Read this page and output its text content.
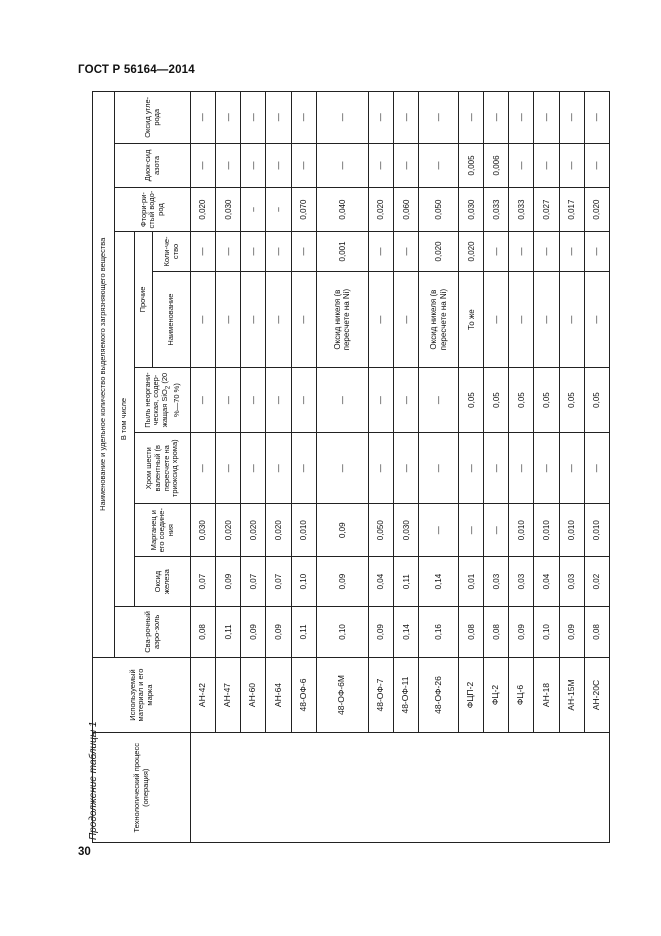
ГОСТ Р 56164—2014
30
Продолжение таблицы 1	Технологический процесс (операция)	Используемый материал и его марка	Наименование и удельное количество выделяемого загрязняющего вещества									
		Сва-рочный аэро-золь	В том числе						Фтори-ри-стый водо-род	Диок-сид азота	Оксид угле-рода
			Оксид железа	Марганец и его соедине-ния	Хром шести валентный (в пересчете на триоксид хрома)	Пыль неоргани-ческая, содер-жащая SiO$_2$ (20 %—70 %)	Прочие				
							Наименование	Коли-че-ство			
	АН-42	0,08	0,07	0,030	—	—	—	—	0,020	—	—
	АН-47	0,11	0,09	0,020	—	—	—	—	0,030	—	—
	АН-60	0,09	0,07	0,020	—	—	—	—	–	—	—
	АН-64	0,09	0,07	0,020	—	—	—	—	–	—	—
	48-ОФ-6	0,11	0,10	0,010	—	—	—	—	0,070	—	—
	48-ОФ-6М	0,10	0,09	0,09	—	—	Оксид никеля (в пересчете на Ni)	0,001	0,040	—	—
	48-ОФ-7	0,09	0,04	0,050	—	—	—	—	0,020	—	—
	48-ОФ-11	0,14	0,11	0,030	—	—	—	—	0,060	—	—
	48-ОФ-26	0,16	0,14	—	—	—	Оксид никеля (в пересчете на Ni)	0,020	0,050	—	—
	ФЦП-2	0,08	0,01	—	—	0,05	То же	0,020	0,030	0,005	—
	ФЦ-2	0,08	0,03	—	—	0,05	—	—	0,033	0,006	—
	ФЦ-6	0,09	0,03	0,010	—	0,05	—	—	0,033	—	—
	АН-18	0,10	0,04	0,010	—	0,05	—	—	0,027	—	—
	АН-15М	0,09	0,03	0,010	—	0,05	—	—	0,017	—	—
	АН-20С	0,08	0,02	0,010	—	0,05	—	—	0,020	—	—
